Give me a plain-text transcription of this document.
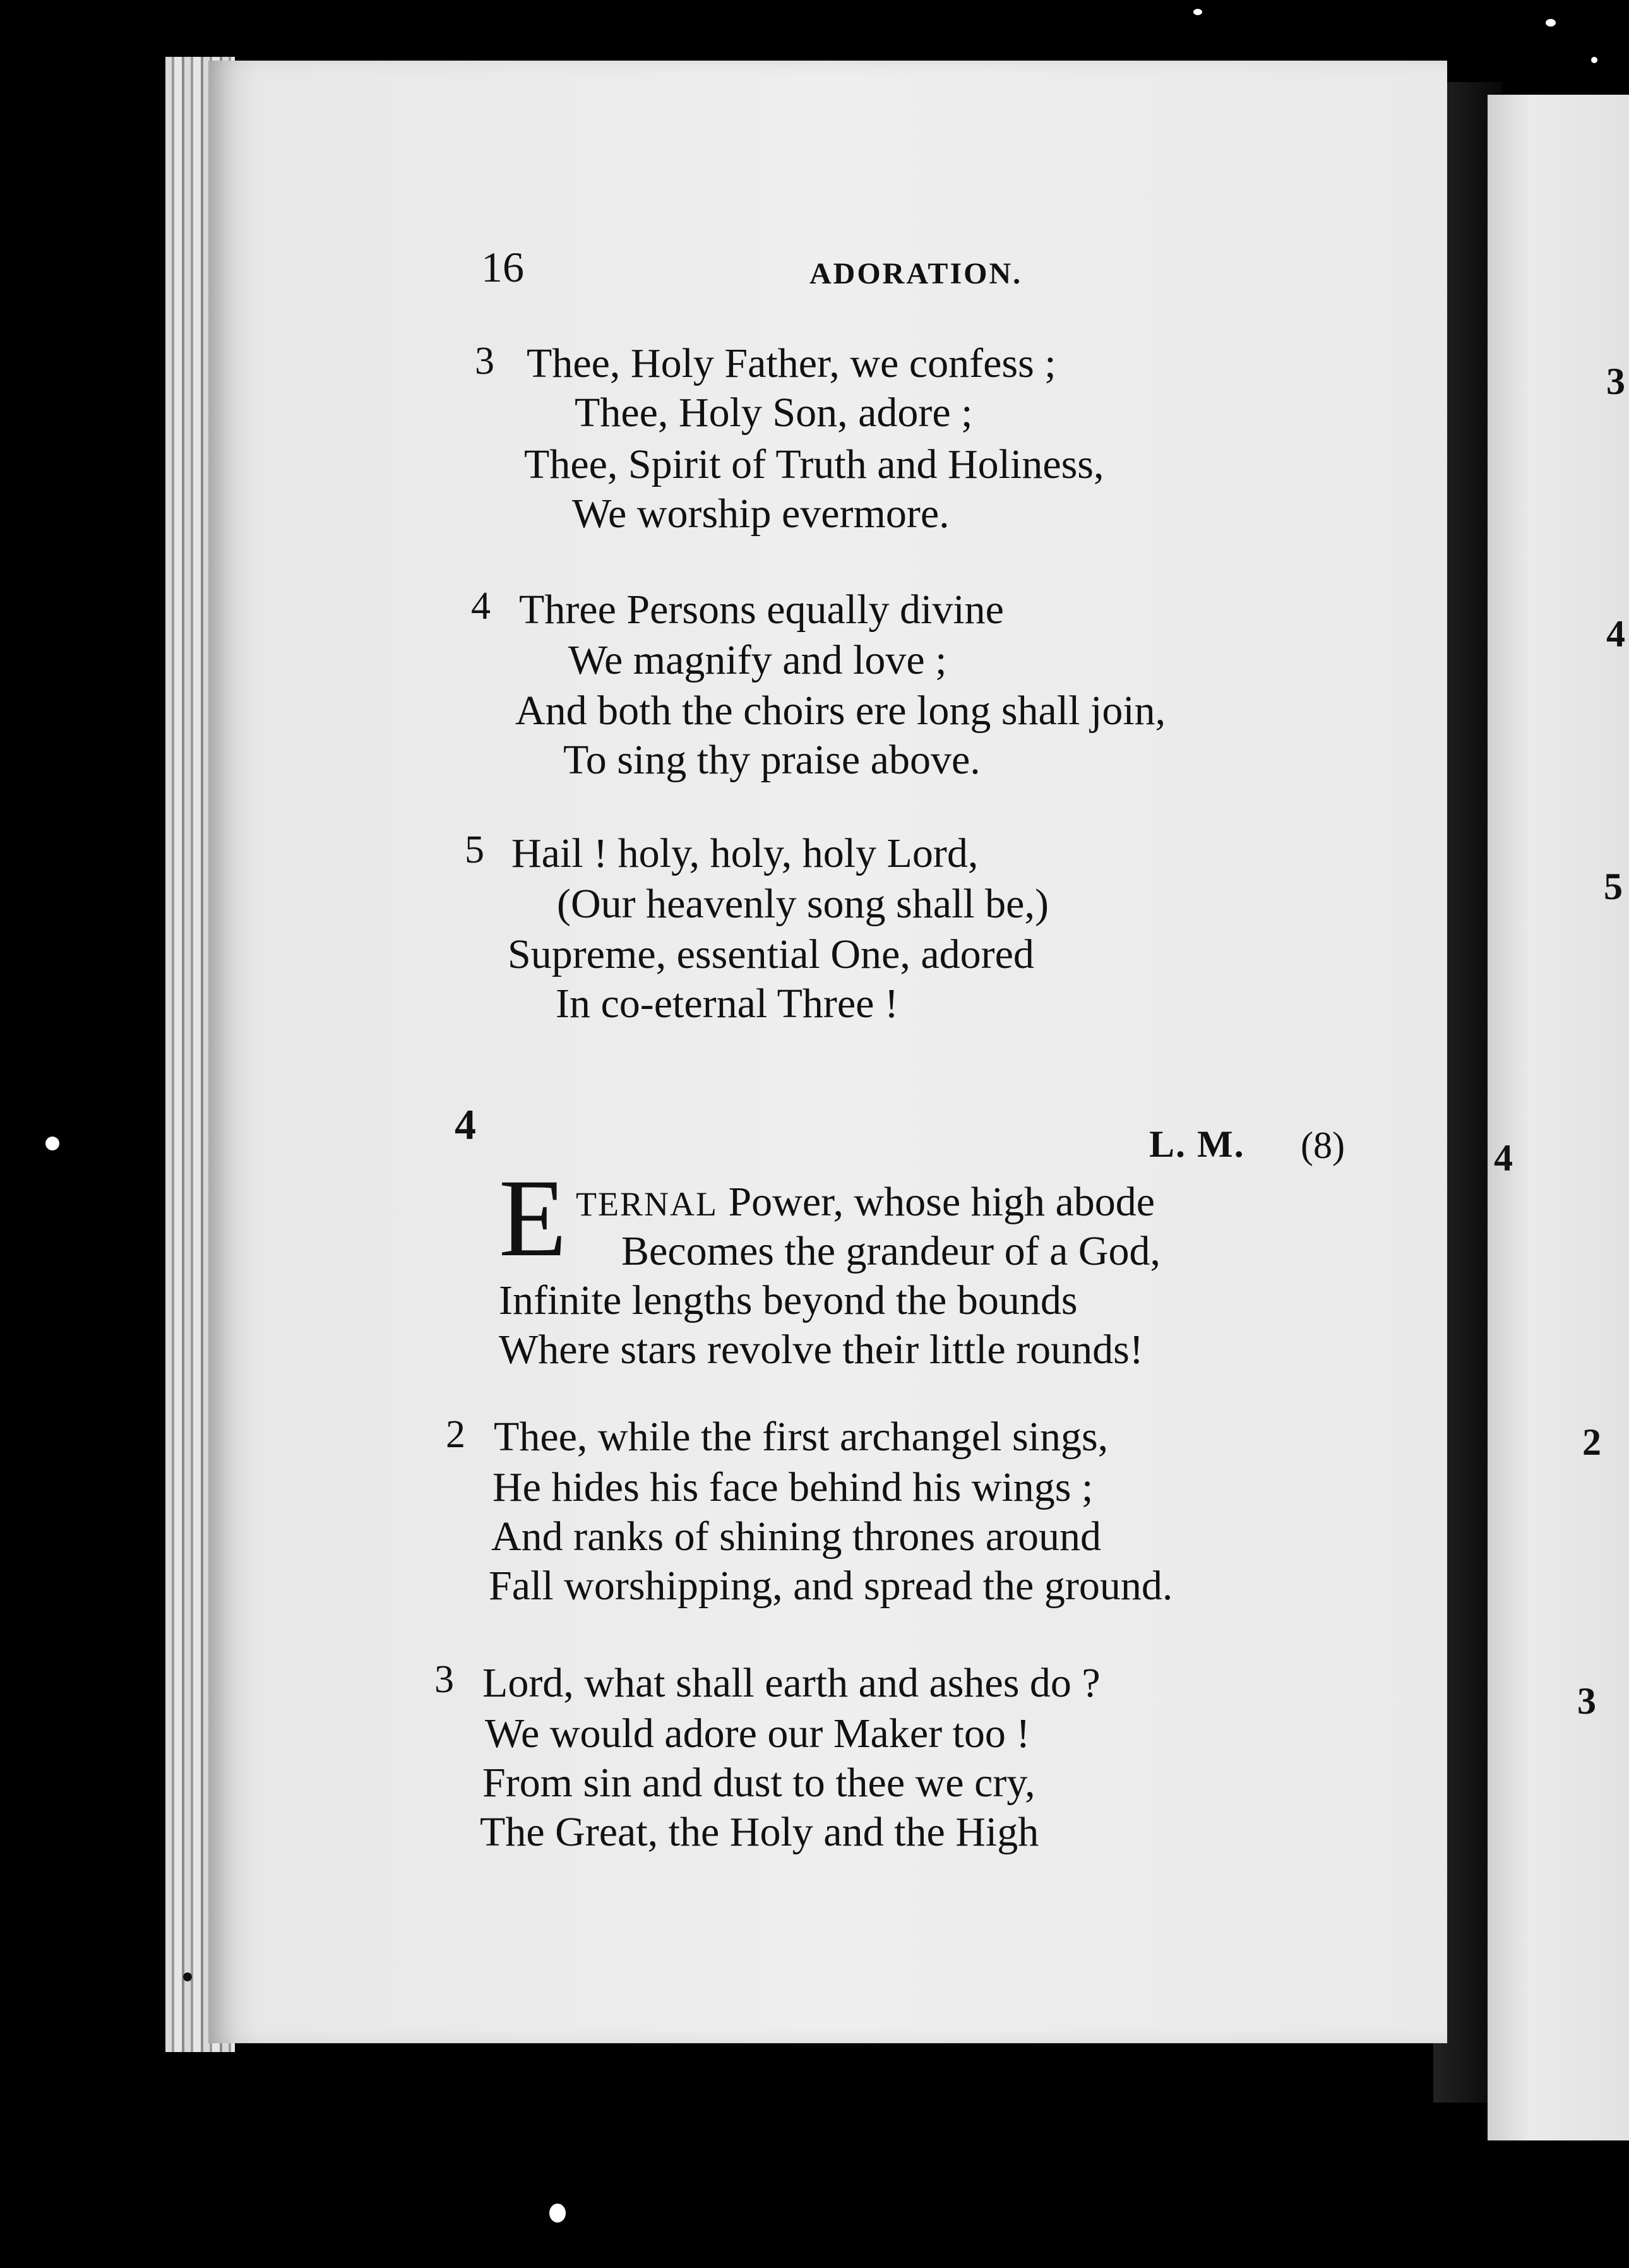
3
4
5
4
2
3
16	ADORATION.
3 Thee, Holy Father, we confess ;
Thee, Holy Son, adore ;
Thee, Spirit of Truth and Holiness,
We worship evermore.
4 Three Persons equally divine
We magnify and love ;
And both the choirs ere long shall join,
To sing thy praise above.
5 Hail ! holy, holy, holy Lord,
(Our heavenly song shall be,)
Supreme, essential One, adored
In co-eternal Three !
4	L. M. (8)
E TERNAL Power, whose high abode
Becomes the grandeur of a God,
Infinite lengths beyond the bounds
Where stars revolve their little rounds!
2 Thee, while the first archangel sings,
He hides his face behind his wings ;
And ranks of shining thrones around
Fall worshipping, and spread the ground.
3 Lord, what shall earth and ashes do ?
We would adore our Maker too !
From sin and dust to thee we cry,
The Great, the Holy and the High
